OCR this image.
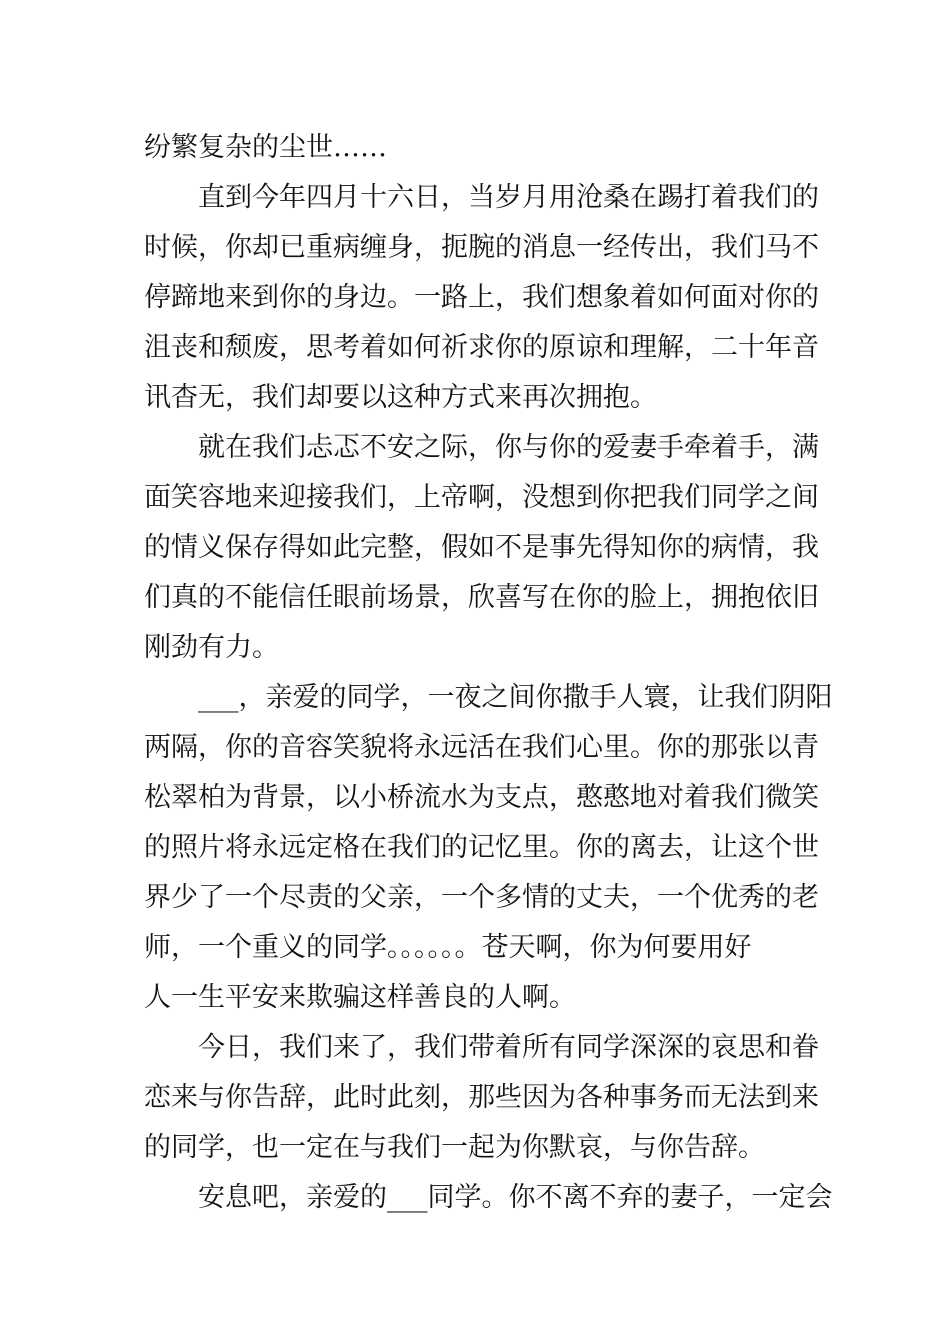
纷繁复杂的尘世……

直到今年四月十六日，当岁月用沧桑在踢打着我们的

时候，你却已重病缠身，扼腕的消息一经传出，我们马不

停蹄地来到你的身边。一路上，我们想象着如何面对你的

沮丧和颓废，思考着如何祈求你的原谅和理解，二十年音

讯杳无，我们却要以这种方式来再次拥抱。

就在我们忐忑不安之际，你与你的爱妻手牵着手，满

面笑容地来迎接我们，上帝啊，没想到你把我们同学之间

的情义保存得如此完整，假如不是事先得知你的病情，我

们真的不能信任眼前场景，欣喜写在你的脸上，拥抱依旧

刚劲有力。

___，亲爱的同学，一夜之间你撒手人寰，让我们阴阳

两隔，你的音容笑貌将永远活在我们心里。你的那张以青

松翠柏为背景，以小桥流水为支点，憨憨地对着我们微笑

的照片将永远定格在我们的记忆里。你的离去，让这个世

界少了一个尽责的父亲，一个多情的丈夫，一个优秀的老

师，一个重义的同学。。。。。。苍天啊，你为何要用好

人一生平安来欺骗这样善良的人啊。

今日，我们来了，我们带着所有同学深深的哀思和眷

恋来与你告辞，此时此刻，那些因为各种事务而无法到来

的同学，也一定在与我们一起为你默哀，与你告辞。

安息吧，亲爱的___同学。你不离不弃的妻子，一定会
